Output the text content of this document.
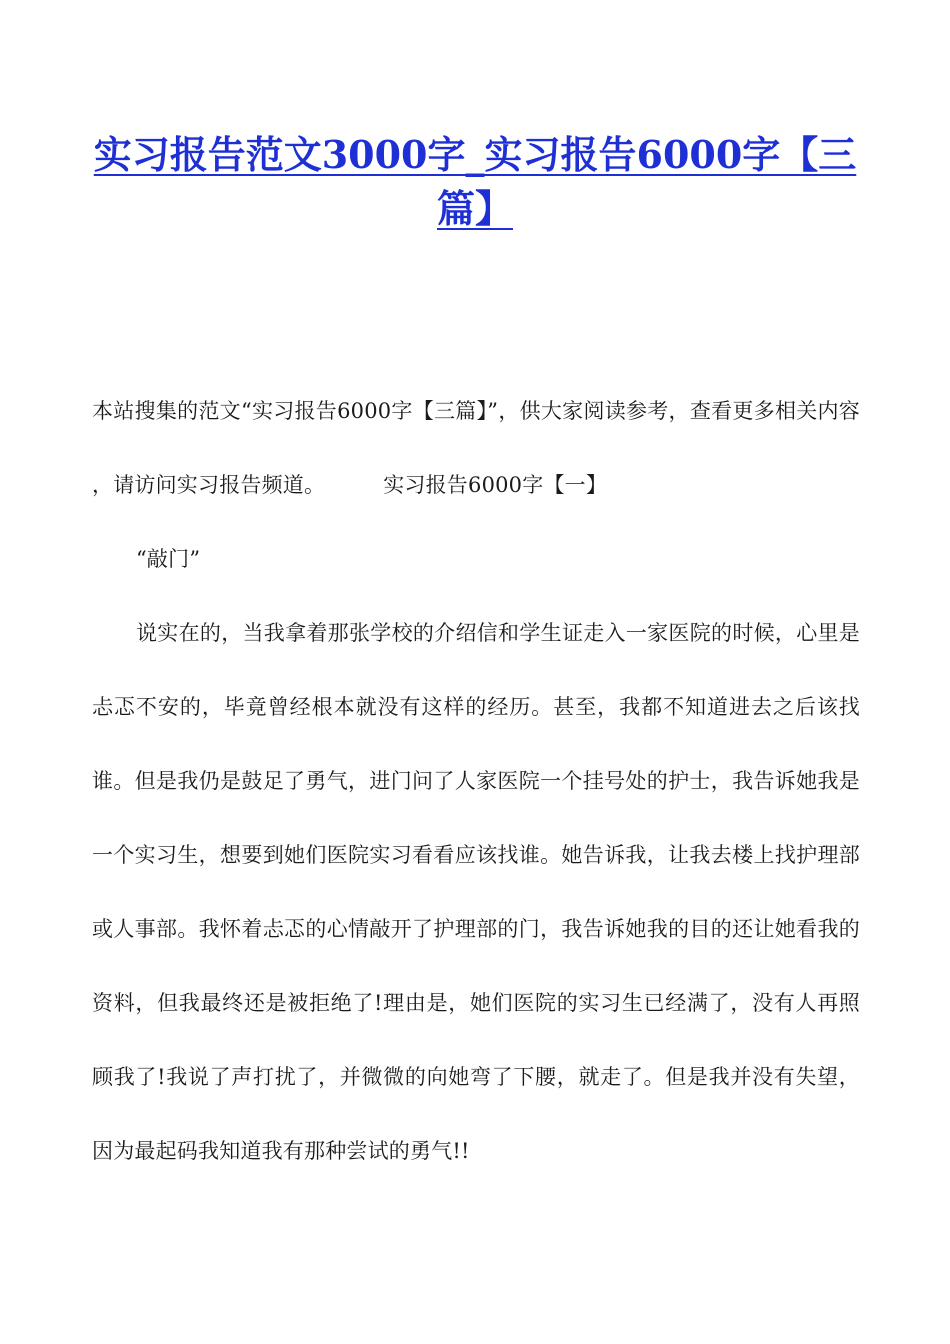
实习报告范文3000字_实习报告6000字【三篇】

本站搜集的范文“实习报告6000字【三篇】”，供大家阅读参考，查看更多相关内容 ，请访问实习报告频道。	实习报告6000字【一】

“敲门”

说实在的，当我拿着那张学校的介绍信和学生证走入一家医院的时候，心里是忐忑不安的，毕竟曾经根本就没有这样的经历。甚至，我都不知道进去之后该找谁。但是我仍是鼓足了勇气，进门问了人家医院一个挂号处的护士，我告诉她我是一个实习生，想要到她们医院实习看看应该找谁。她告诉我，让我去楼上找护理部或人事部。我怀着忐忑的心情敲开了护理部的门，我告诉她我的目的还让她看我的资料，但我最终还是被拒绝了!理由是，她们医院的实习生已经满了，没有人再照顾我了!我说了声打扰了，并微微的向她弯了下腰，就走了。但是我并没有失望，因为最起码我知道我有那种尝试的勇气!!
